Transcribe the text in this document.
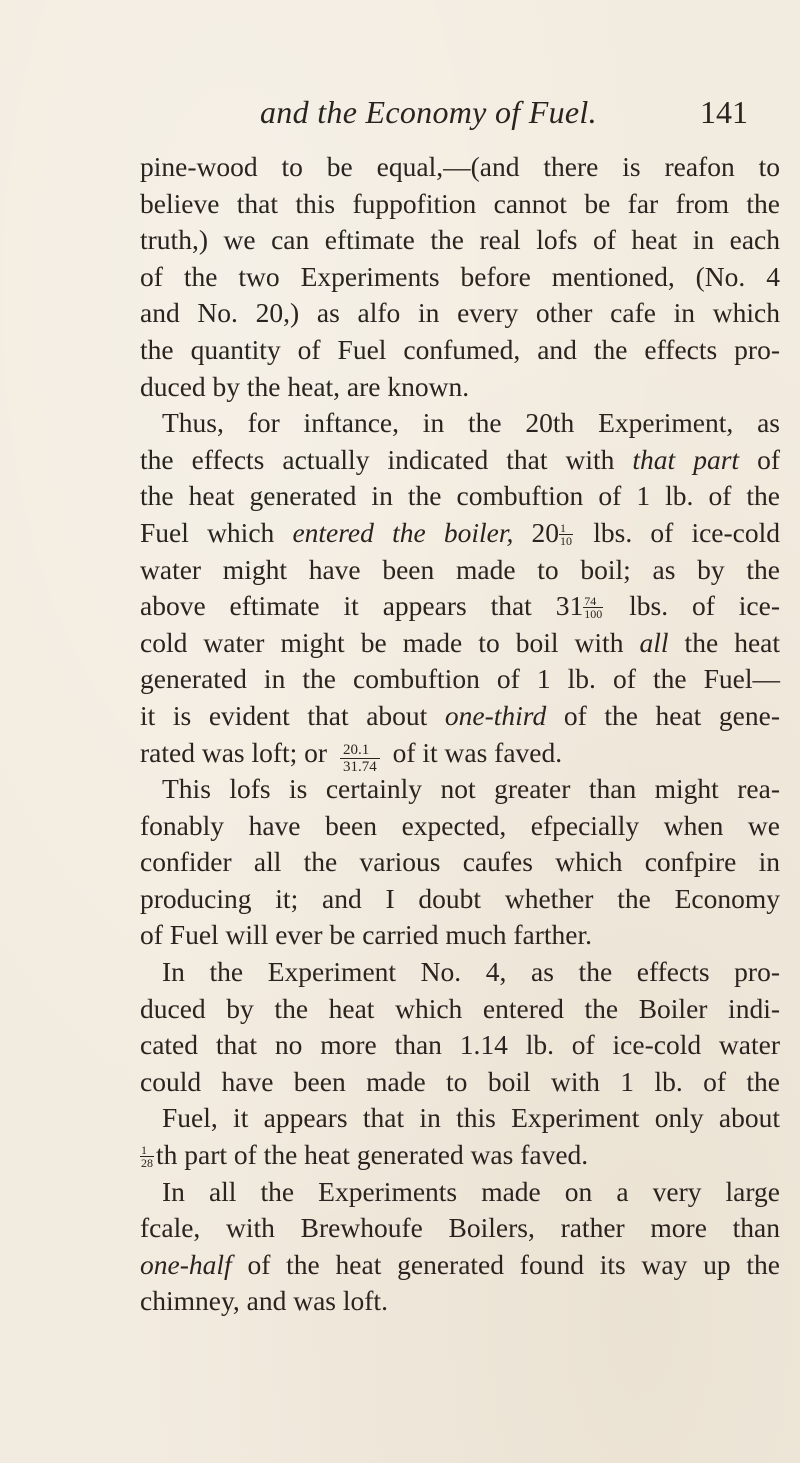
and the Economy of Fuel.	141
pine-wood to be equal,—(and there is reafon to
believe that this fuppofition cannot be far from the
truth,) we can eftimate the real lofs of heat in each
of the two Experiments before mentioned, (No. 4
and No. 20,) as alfo in every other cafe in which
the quantity of Fuel confumed, and the effects pro-
duced by the heat, are known.
Thus, for inftance, in the 20th Experiment, as
the effects actually indicated that with that part of
the heat generated in the combuftion of 1 lb. of the
Fuel which entered the boiler, $20 \frac{1}{10}$ lbs. of ice-cold
water might have been made to boil; as by the
above eftimate it appears that $31 \frac{74}{100}$ lbs. of ice-
cold water might be made to boil with all the heat
generated in the combuftion of 1 lb. of the Fuel—
it is evident that about one-third of the heat gene-
rated was loft; or $\frac{20.1}{31.74}$ of it was faved.
This lofs is certainly not greater than might rea-
fonably have been expected, efpecially when we
confider all the various caufes which confpire in
producing it; and I doubt whether the Economy
of Fuel will ever be carried much farther.
In the Experiment No. 4, as the effects pro-
duced by the heat which entered the Boiler indi-
cated that no more than 1.14 lb. of ice-cold water
could have been made to boil with 1 lb. of the
Fuel, it appears that in this Experiment only about
$\frac{1}{28}$ th part of the heat generated was faved.
In all the Experiments made on a very large
fcale, with Brewhoufe Boilers, rather more than
one-half of the heat generated found its way up the
chimney, and was loft.
